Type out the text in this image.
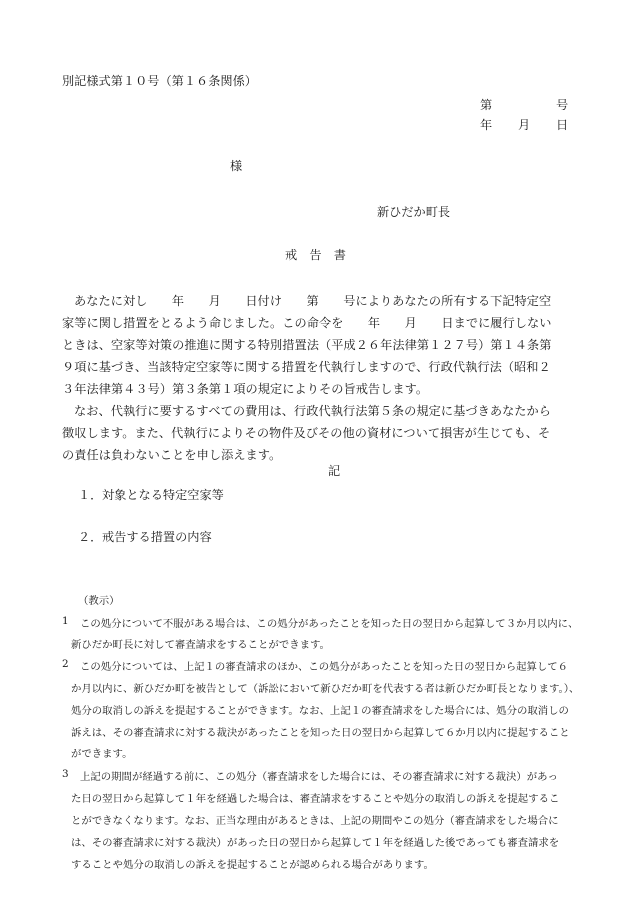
別記様式第１０号（第１６条関係）
第	号
年 月 日
様
新ひだか町長
戒　告　書
あなたに対し　　年　　月　　日付け　　第　　号によりあなたの所有する下記特定空
家等に関し措置をとるよう命じました。この命令を　　年　　月　　日までに履行しない
ときは、空家等対策の推進に関する特別措置法（平成２６年法律第１２７号）第１４条第
９項に基づき、当該特定空家等に関する措置を代執行しますので、行政代執行法（昭和２
３年法律第４３号）第３条第１項の規定によりその旨戒告します。
なお、代執行に要するすべての費用は、行政代執行法第５条の規定に基づきあなたから
徴収します。また、代執行によりその物件及びその他の資材について損害が生じても、そ
の責任は負わないことを申し添えます。
記
１． 対象となる特定空家等
２． 戒告する措置の内容
（教示）
1 この処分について不服がある場合は、この処分があったことを知った日の翌日から起算して３か月以内に、
新ひだか町長に対して審査請求をすることができます。
2 この処分については、上記１の審査請求のほか、この処分があったことを知った日の翌日から起算して６
か月以内に、新ひだか町を被告として（訴訟において新ひだか町を代表する者は新ひだか町長となります。）、
処分の取消しの訴えを提起することができます。なお、上記１の審査請求をした場合には、処分の取消しの
訴えは、その審査請求に対する裁決があったことを知った日の翌日から起算して６か月以内に提起すること
ができます。
3 上記の期間が経過する前に、この処分（審査請求をした場合には、その審査請求に対する裁決）があっ
た日の翌日から起算して１年を経過した場合は、審査請求をすることや処分の取消しの訴えを提起するこ
とができなくなります。なお、正当な理由があるときは、上記の期間やこの処分（審査請求をした場合に
は、その審査請求に対する裁決）があった日の翌日から起算して１年を経過した後であっても審査請求を
することや処分の取消しの訴えを提起することが認められる場合があります。
